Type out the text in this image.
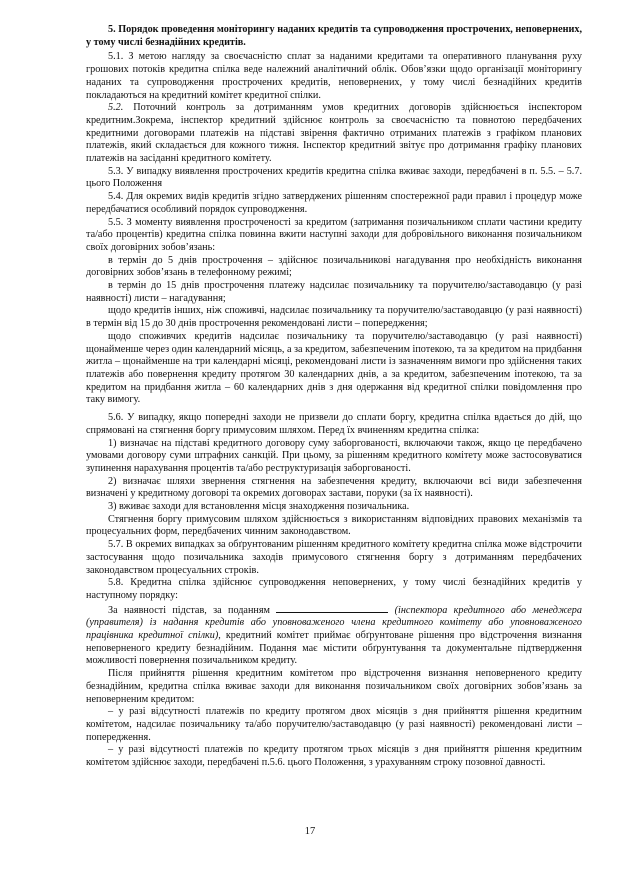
5. Порядок проведення моніторингу наданих кредитів та супроводження прострочених, неповернених, у тому числі безнадійних кредитів.

5.1. З метою нагляду за своєчасністю сплат за наданими кредитами та оперативного планування руху грошових потоків кредитна спілка веде належний аналітичний облік. Обов’язки щодо організації моніторингу наданих та супроводження прострочених кредитів, неповернених, у тому числі безнадійних кредитів покладаються на кредитний комітет кредитної спілки.

5.2. Поточний контроль за дотриманням умов кредитних договорів здійснюється інспектором кредитним.Зокрема, інспектор кредитний здійснює контроль за своєчасністю та повнотою передбачених кредитними договорами платежів на підставі звірення фактично отриманих платежів з графіком планових платежів, який складається для кожного тижня. Інспектор кредитний звітує про дотримання графіку планових платежів на засіданні кредитного комітету.

5.3. У випадку виявлення прострочених кредитів кредитна спілка вживає заходи, передбачені в п. 5.5. – 5.7. цього Положення

5.4. Для окремих видів кредитів згідно затверджених рішенням спостережної ради правил і процедур може передбачатися особливий порядок супроводження.

5.5. З моменту виявлення простроченості за кредитом (затримання позичальником сплати частини кредиту та/або процентів) кредитна спілка повинна вжити наступні заходи для добровільного виконання позичальником своїх договірних зобов’язань:

в термін до 5 днів прострочення – здійснює позичальникові нагадування про необхідність виконання договірних зобов’язань в телефонному режимі;

в термін до 15 днів прострочення платежу надсилає позичальнику та поручителю/заставодавцю (у разі наявності) листи – нагадування;

щодо кредитів інших, ніж споживчі, надсилає позичальнику та поручителю/заставодавцю (у разі наявності) в термін від 15 до 30 днів прострочення рекомендовані листи – попередження;

щодо споживчих кредитів надсилає позичальнику та поручителю/заставодавцю (у разі наявності) щонайменше через один календарний місяць, а за кредитом, забезпеченим іпотекою, та за кредитом на придбання житла – щонайменше на три календарні місяці, рекомендовані листи із зазначенням вимоги про здійснення таких платежів або повернення кредиту протягом 30 календарних днів, а за кредитом, забезпеченим іпотекою, та за кредитом на придбання житла – 60 календарних днів з дня одержання від кредитної спілки повідомлення про таку вимогу.

5.6. У випадку, якщо попередні заходи не призвели до сплати боргу, кредитна спілка вдається до дій, що спрямовані на стягнення боргу примусовим шляхом. Перед їх вчиненням кредитна спілка:

1) визначає на підставі кредитного договору суму заборгованості, включаючи також, якщо це передбачено умовами договору суми штрафних санкцій. При цьому, за рішенням кредитного комітету може застосовуватися зупинення нарахування процентів та/або реструктуризація заборгованості.

2) визначає шляхи звернення стягнення на забезпечення кредиту, включаючи всі види забезпечення визначені у кредитному договорі та окремих договорах застави, поруки (за їх наявності).

3) вживає заходи для встановлення місця знаходження позичальника.

Стягнення боргу примусовим шляхом здійснюється з використанням відповідних правових механізмів та процесуальних форм, передбачених чинним законодавством.

5.7. В окремих випадках за обґрунтованим рішенням кредитного комітету кредитна спілка може відстрочити застосування щодо позичальника заходів примусового стягнення боргу з дотриманням передбачених законодавством процесуальних строків.

5.8. Кредитна спілка здійснює супроводження неповернених, у тому числі безнадійних кредитів у наступному порядку:

За наявності підстав, за поданням	(інспектора кредитного або менеджера (управителя) із надання кредитів або уповноваженого члена кредитного комітету або уповноваженого працівника кредитної спілки), кредитний комітет приймає обґрунтоване рішення про відстрочення визнання неповерненого кредиту безнадійним. Подання має містити обґрунтування та документальне підтвердження можливості повернення позичальником кредиту.

Після прийняття рішення кредитним комітетом про відстрочення визнання неповерненого кредиту безнадійним, кредитна спілка вживає заходи для виконання позичальником своїх договірних зобов’язань за неповерненим кредитом:

– у разі відсутності платежів по кредиту протягом двох місяців з дня прийняття рішення кредитним комітетом, надсилає позичальнику та/або поручителю/заставодавцю (у разі наявності) рекомендовані листи – попередження.

– у разі відсутності платежів по кредиту протягом трьох місяців з дня прийняття рішення кредитним комітетом здійснює заходи, передбачені п.5.6. цього Положення, з урахуванням строку позовної давності.

17
